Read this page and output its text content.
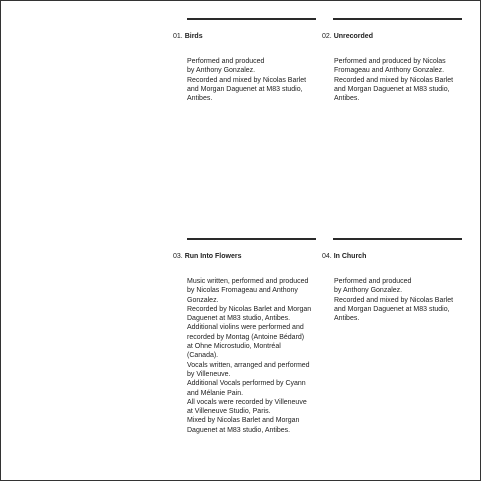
01. Birds
Performed and produced
by Anthony Gonzalez.
Recorded and mixed by Nicolas Barlet
and Morgan Daguenet at M83 studio,
Antibes.
02. Unrecorded
Performed and produced by Nicolas
Fromageau and Anthony Gonzalez.
Recorded and mixed by Nicolas Barlet
and Morgan Daguenet at M83 studio,
Antibes.
03. Run Into Flowers
Music written, performed and produced
by Nicolas Fromageau and Anthony
Gonzalez.
Recorded by Nicolas Barlet and Morgan
Daguenet at M83 studio, Antibes.
Additional violins were performed and
recorded by Montag (Antoine Bédard)
at Ohne Microstudio, Montréal
(Canada).
Vocals written, arranged and performed
by Villeneuve.
Additional Vocals performed by Cyann
and Mélanie Pain.
All vocals were recorded by Villeneuve
at Villeneuve Studio, Paris.
Mixed by Nicolas Barlet and Morgan
Daguenet at M83 studio, Antibes.
04. In Church
Performed and produced
by Anthony Gonzalez.
Recorded and mixed by Nicolas Barlet
and Morgan Daguenet at M83 studio,
Antibes.
